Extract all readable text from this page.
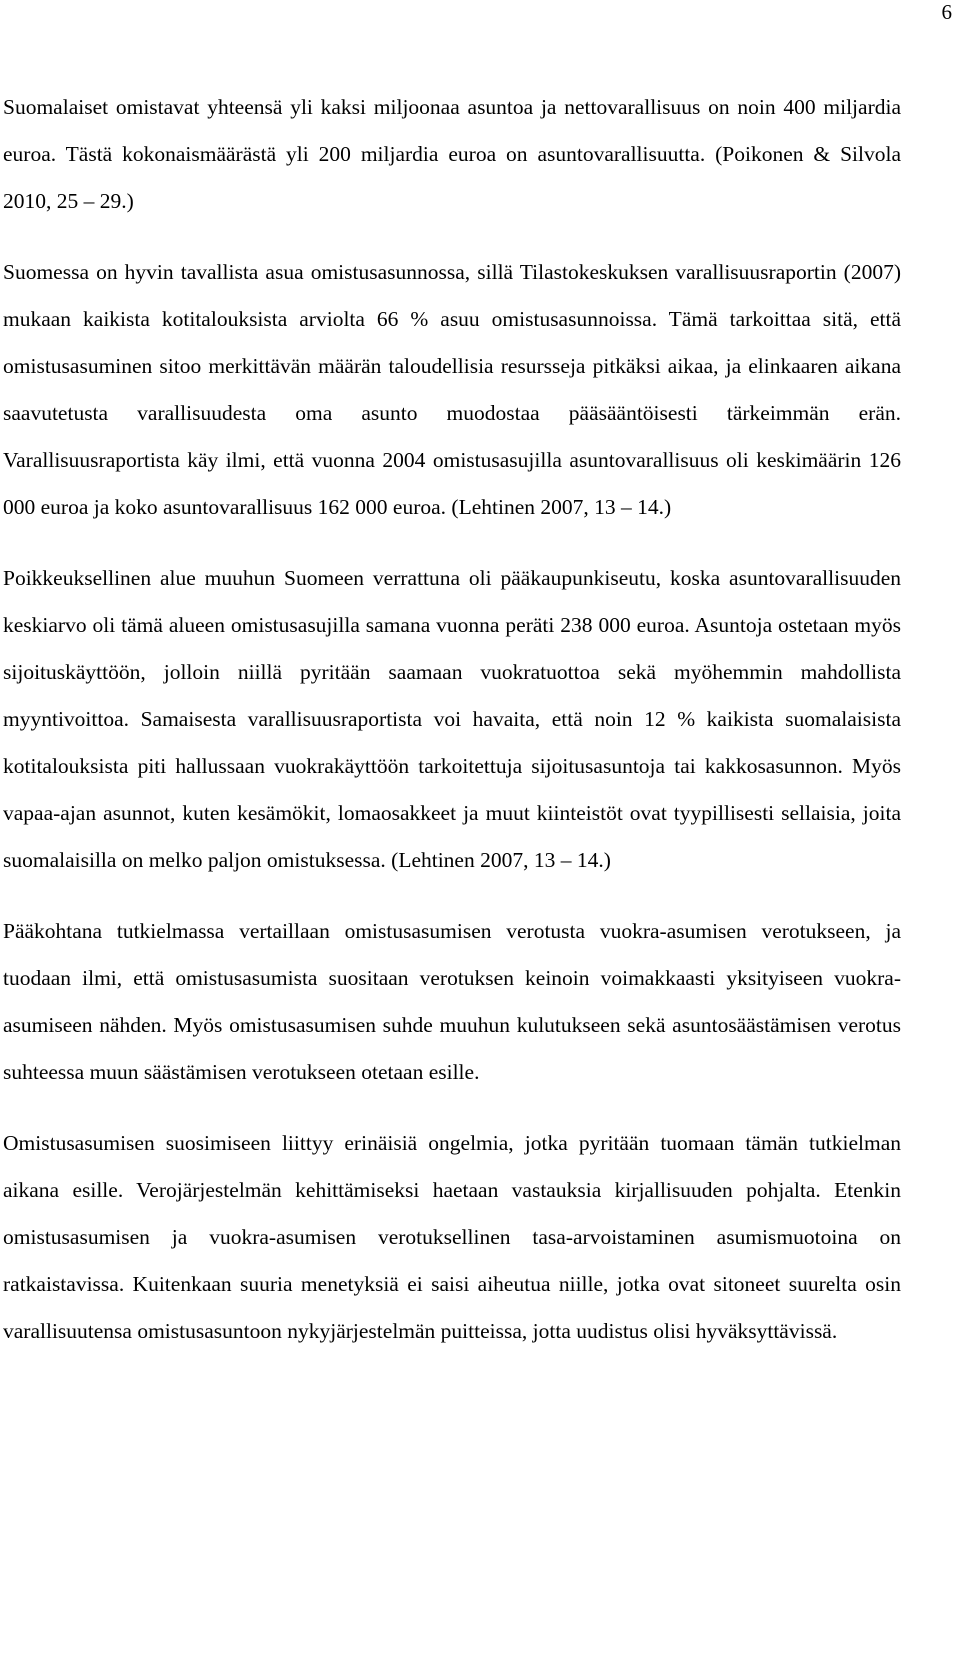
6

Suomalaiset omistavat yhteensä yli kaksi miljoonaa asuntoa ja nettovarallisuus on noin 400 miljardia euroa. Tästä kokonaismäärästä yli 200 miljardia euroa on asuntovarallisuutta. (Poikonen & Silvola 2010, 25 – 29.)

Suomessa on hyvin tavallista asua omistusasunnossa, sillä Tilastokeskuksen varallisuusraportin (2007) mukaan kaikista kotitalouksista arviolta 66 % asuu omistusasunnoissa. Tämä tarkoittaa sitä, että omistusasuminen sitoo merkittävän määrän taloudellisia resursseja pitkäksi aikaa, ja elinkaaren aikana saavutetusta varallisuudesta oma asunto muodostaa pääsääntöisesti tärkeimmän erän. Varallisuusraportista käy ilmi, että vuonna 2004 omistusasujilla asuntovarallisuus oli keskimäärin 126 000 euroa ja koko asuntovarallisuus 162 000 euroa. (Lehtinen 2007, 13 – 14.)

Poikkeuksellinen alue muuhun Suomeen verrattuna oli pääkaupunkiseutu, koska asuntovarallisuuden keskiarvo oli tämä alueen omistusasujilla samana vuonna peräti 238 000 euroa. Asuntoja ostetaan myös sijoituskäyttöön, jolloin niillä pyritään saamaan vuokratuottoa sekä myöhemmin mahdollista myyntivoittoa. Samaisesta varallisuusraportista voi havaita, että noin 12 % kaikista suomalaisista kotitalouksista piti hallussaan vuokrakäyttöön tarkoitettuja sijoitusasuntoja tai kakkosasunnon. Myös vapaa-ajan asunnot, kuten kesämökit, lomaosakkeet ja muut kiinteistöt ovat tyypillisesti sellaisia, joita suomalaisilla on melko paljon omistuksessa. (Lehtinen 2007, 13 – 14.)

Pääkohtana tutkielmassa vertaillaan omistusasumisen verotusta vuokra-asumisen verotukseen, ja tuodaan ilmi, että omistusasumista suositaan verotuksen keinoin voimakkaasti yksityiseen vuokra-asumiseen nähden. Myös omistusasumisen suhde muuhun kulutukseen sekä asuntosäästämisen verotus suhteessa muun säästämisen verotukseen otetaan esille.

Omistusasumisen suosimiseen liittyy erinäisiä ongelmia, jotka pyritään tuomaan tämän tutkielman aikana esille. Verojärjestelmän kehittämiseksi haetaan vastauksia kirjallisuuden pohjalta. Etenkin omistusasumisen ja vuokra-asumisen verotuksellinen tasa-arvoistaminen asumismuotoina on ratkaistavissa. Kuitenkaan suuria menetyksiä ei saisi aiheutua niille, jotka ovat sitoneet suurelta osin varallisuutensa omistusasuntoon nykyjärjestelmän puitteissa, jotta uudistus olisi hyväksyttävissä.
